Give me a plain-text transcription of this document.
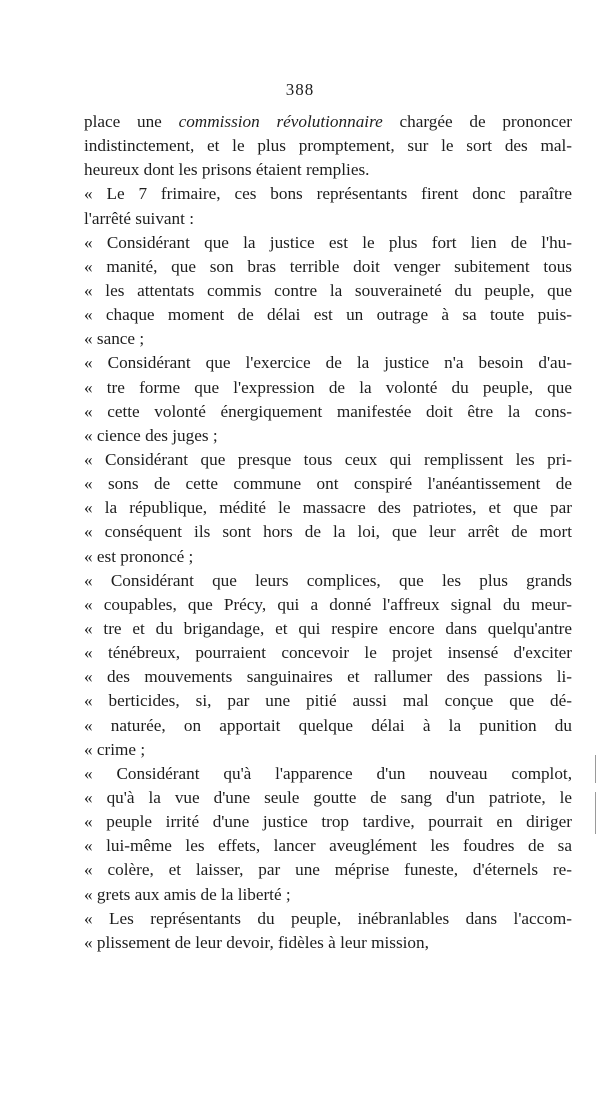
388
place une commission révolutionnaire chargée de prononcer
indistinctement, et le plus promptement, sur le sort des mal-
heureux dont les prisons étaient remplies.
« Le 7 frimaire, ces bons représentants firent donc paraître
l'arrêté suivant :
« Considérant que la justice est le plus fort lien de l'hu-
« manité, que son bras terrible doit venger subitement tous
« les attentats commis contre la souveraineté du peuple, que
« chaque moment de délai est un outrage à sa toute puis-
« sance ;
« Considérant que l'exercice de la justice n'a besoin d'au-
« tre forme que l'expression de la volonté du peuple, que
« cette volonté énergiquement manifestée doit être la cons-
« cience des juges ;
« Considérant que presque tous ceux qui remplissent les pri-
« sons de cette commune ont conspiré l'anéantissement de
« la république, médité le massacre des patriotes, et que par
« conséquent ils sont hors de la loi, que leur arrêt de mort
« est prononcé ;
« Considérant que leurs complices, que les plus grands
« coupables, que Précy, qui a donné l'affreux signal du meur-
« tre et du brigandage, et qui respire encore dans quelqu'antre
« ténébreux, pourraient concevoir le projet insensé d'exciter
« des mouvements sanguinaires et rallumer des passions li-
« berticides, si, par une pitié aussi mal conçue que dé-
« naturée, on apportait quelque délai à la punition du
« crime ;
« Considérant qu'à l'apparence d'un nouveau complot,
« qu'à la vue d'une seule goutte de sang d'un patriote, le
« peuple irrité d'une justice trop tardive, pourrait en diriger
« lui-même les effets, lancer aveuglément les foudres de sa
« colère, et laisser, par une méprise funeste, d'éternels re-
« grets aux amis de la liberté ;
« Les représentants du peuple, inébranlables dans l'accom-
« plissement de leur devoir, fidèles à leur mission,
